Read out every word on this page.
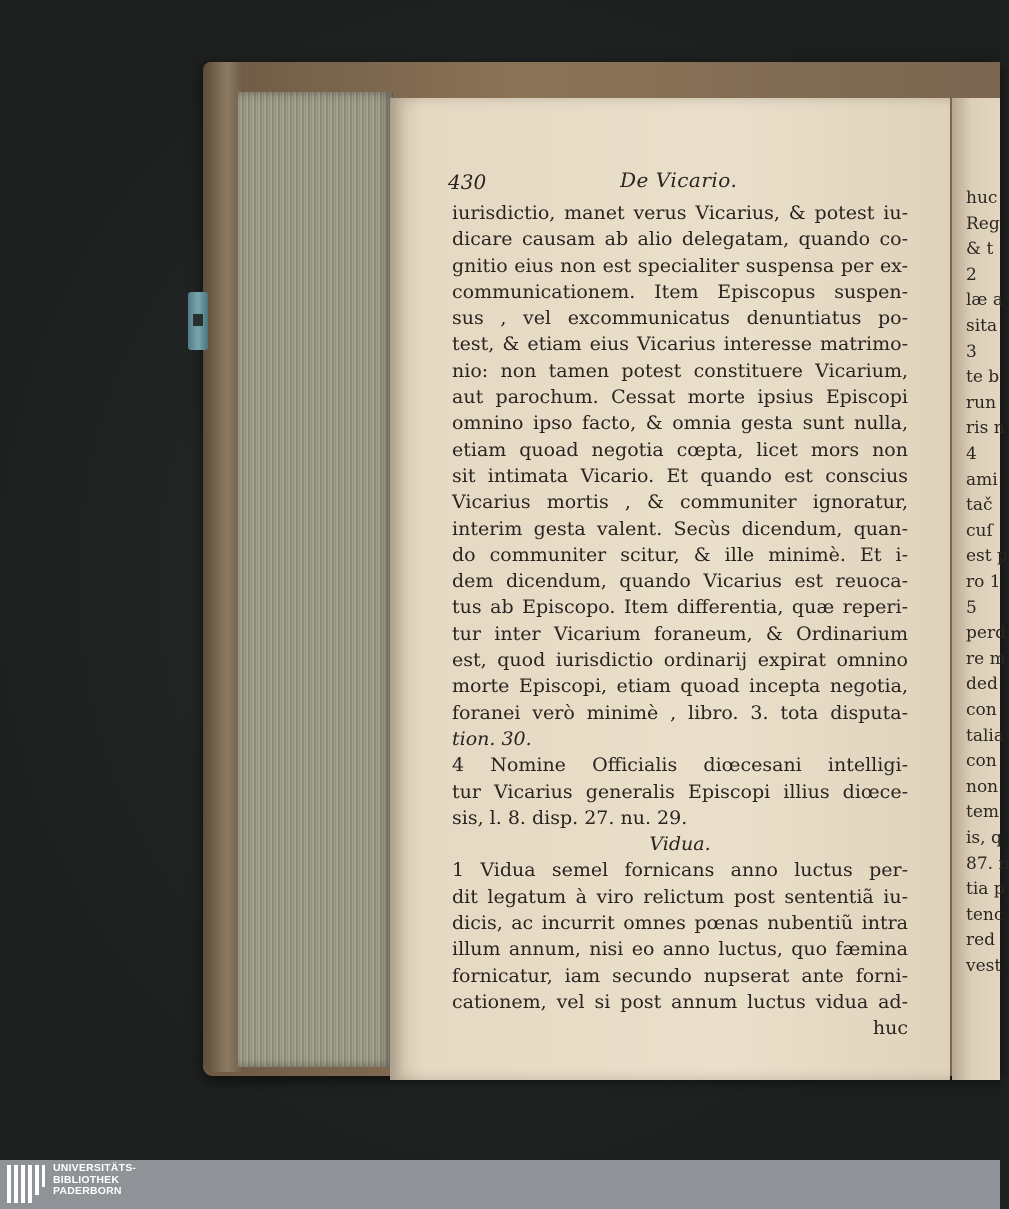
huc
Reg
& t
2
læ a
sita
3
te b
run
ris n
4
ami
tač
cuſ
est p
ro 1
5
perd
re m
ded
con
talia
con
non
tem
is, q
87. n
tia p
tenc
red
vest
430	De Vicario.
iurisdictio, manet verus Vicarius, & potest iu-
dicare causam ab alio delegatam, quando co-
gnitio eius non est specialiter suspensa per ex-
communicationem. Item Episcopus suspen-
sus , vel excommunicatus denuntiatus po-
test, & etiam eius Vicarius interesse matrimo-
nio: non tamen potest constituere Vicarium,
aut parochum. Cessat morte ipsius Episcopi
omnino ipso facto, & omnia gesta sunt nulla,
etiam quoad negotia cœpta, licet mors non
sit intimata Vicario. Et quando est conscius
Vicarius mortis , & communiter ignoratur,
interim gesta valent. Secùs dicendum, quan-
do communiter scitur, & ille minimè. Et i-
dem dicendum, quando Vicarius est reuoca-
tus ab Episcopo. Item differentia, quæ reperi-
tur inter Vicarium foraneum, & Ordinarium
est, quod iurisdictio ordinarij expirat omnino
morte Episcopi, etiam quoad incepta negotia,
foranei verò minimè , libro. 3. tota disputa-
tion. 30.
4 Nomine Officialis diœcesani intelligi-
tur Vicarius generalis Episcopi illius diœce-
sis, l. 8. disp. 27. nu. 29.
Vidua.
1 Vidua semel fornicans anno luctus per-
dit legatum à viro relictum post sententiã iu-
dicis, ac incurrit omnes pœnas nubentiũ intra
illum annum, nisi eo anno luctus, quo fæmina
fornicatur, iam secundo nupserat ante forni-
cationem, vel si post annum luctus vidua ad-
huc
UNIVERSITÄTS-
BIBLIOTHEK
PADERBORN
